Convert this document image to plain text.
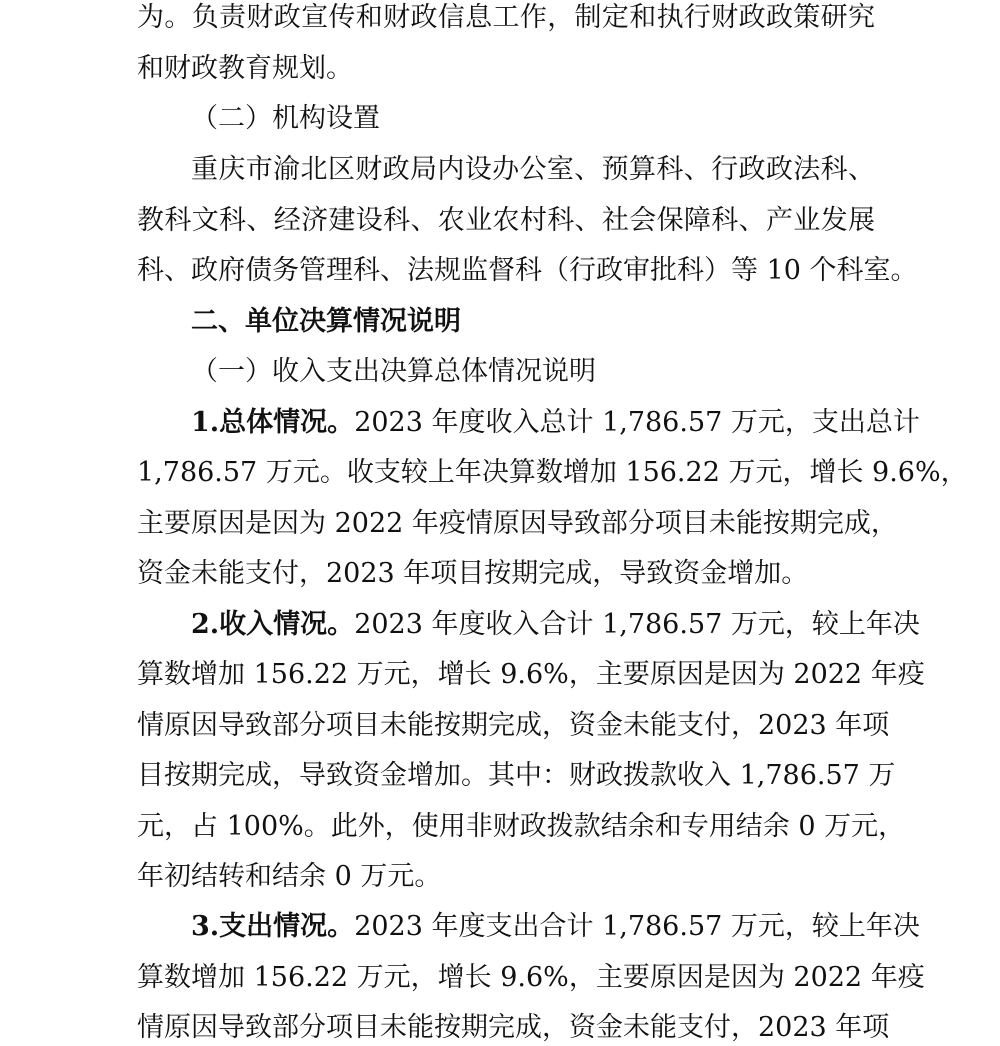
为。负责财政宣传和财政信息工作，制定和执行财政政策研究

和财政教育规划。

（二）机构设置

重庆市渝北区财政局内设办公室、预算科、行政政法科、

教科文科、经济建设科、农业农村科、社会保障科、产业发展

科、政府债务管理科、法规监督科（行政审批科）等 10 个科室。

二、单位决算情况说明

（一）收入支出决算总体情况说明

1.总体情况。2023 年度收入总计 1,786.57 万元，支出总计

1,786.57 万元。收支较上年决算数增加 156.22 万元，增长 9.6%，

主要原因是因为 2022 年疫情原因导致部分项目未能按期完成，

资金未能支付，2023 年项目按期完成，导致资金增加。

2.收入情况。2023 年度收入合计 1,786.57 万元，较上年决

算数增加 156.22 万元，增长 9.6%，主要原因是因为 2022 年疫

情原因导致部分项目未能按期完成，资金未能支付，2023 年项

目按期完成，导致资金增加。其中：财政拨款收入 1,786.57 万

元，占 100%。此外，使用非财政拨款结余和专用结余 0 万元，

年初结转和结余 0 万元。

3.支出情况。2023 年度支出合计 1,786.57 万元，较上年决

算数增加 156.22 万元，增长 9.6%，主要原因是因为 2022 年疫

情原因导致部分项目未能按期完成，资金未能支付，2023 年项
